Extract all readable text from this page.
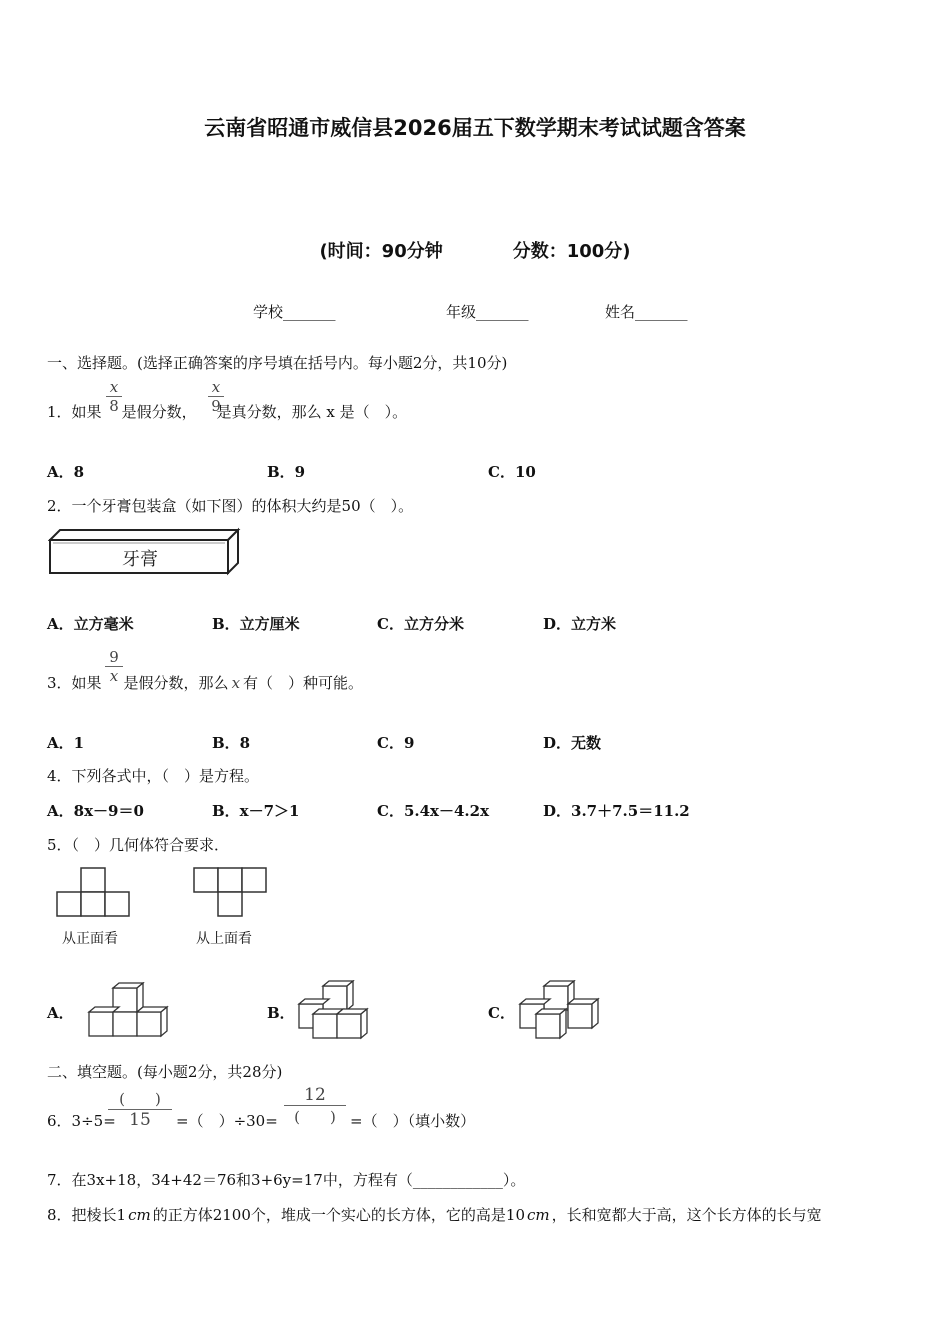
云南省昭通市威信县2026届五下数学期末考试试题含答案
(时间：90分钟	分数：100分)
学校_______	年级_______	姓名_______
一、选择题。(选择正确答案的序号填在括号内。每小题2分，共10分)
1．如果 是假分数， 是真分数，那么 x 是（　）。
$\frac{x}{8}$	$\frac{x}{9}$
A．8	B．9	C．10
2．一个牙膏包装盒（如下图）的体积大约是50（　）。
牙膏
A．立方毫米	B．立方厘米	C．立方分米	D．立方米
3．如果 是假分数，那么 x 有（　）种可能。
$\frac{9}{x}$
A．1	B．8	C．9	D．无数
4．下列各式中，（　）是方程。
A．8x－9＝0	B．x－7＞1	C．5.4x－4.2x	D．3.7＋7.5＝11.2
5．（　）几何体符合要求．
从正面看	从上面看
A．	B．	C．
二、填空题。(每小题2分，共28分)
6．3÷5=
(　　)
15	=（　）÷30=
12
(　　) =（　）（填小数）
7．在3x+18，34+42＝76和3+6y=17中，方程有（____________）。
8．把棱长1 cm 的正方体2100个，堆成一个实心的长方体，它的高是10 cm ，长和宽都大于高，这个长方体的长与宽
